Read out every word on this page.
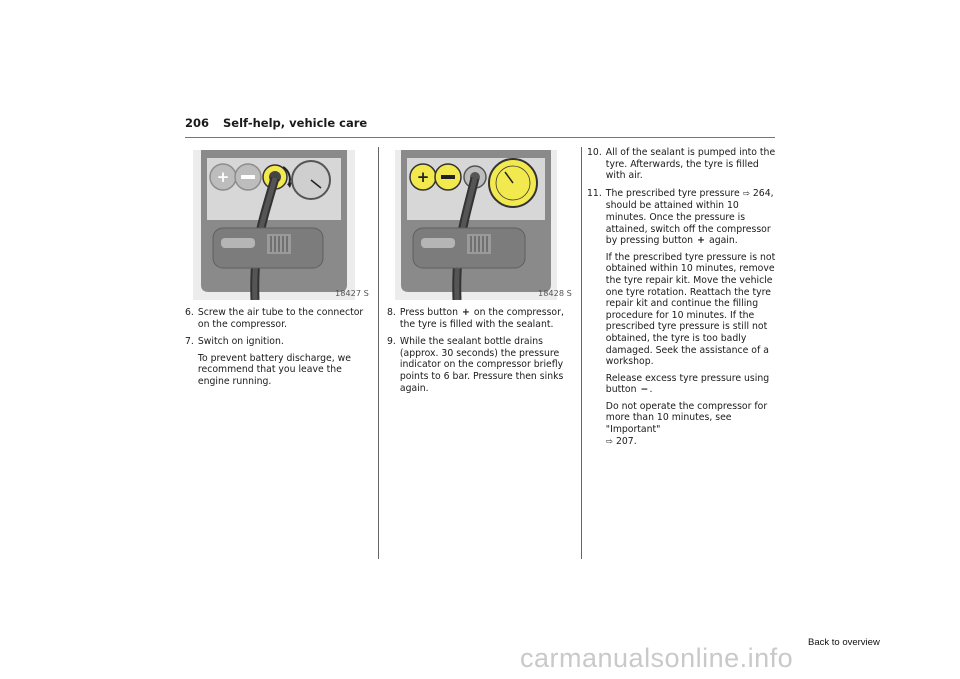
206 Self-help, vehicle care
+
18427 S
+
18428 S
6. Screw the air tube to the connector on the compressor.

7. Switch on ignition.

To prevent battery discharge, we recommend that you leave the engine running.

8. Press button + on the compressor, the tyre is filled with the sealant.

9. While the sealant bottle drains (approx. 30 seconds) the pressure indicator on the compressor briefly points to 6 bar. Pressure then sinks again.

10. All of the sealant is pumped into the tyre. Afterwards, the tyre is filled with air.

11. The prescribed tyre pressure ⇨ 264, should be attained within 10 minutes. Once the pressure is attained, switch off the compressor by pressing button + again.

If the prescribed tyre pressure is not obtained within 10 minutes, remove the tyre repair kit. Move the vehicle one tyre rotation. Reattach the tyre repair kit and continue the filling procedure for 10 minutes. If the prescribed tyre pressure is still not obtained, the tyre is too badly damaged. Seek the assistance of a workshop.

Release excess tyre pressure using button −.

Do not operate the compressor for more than 10 minutes, see "Important"
⇨ 207.

Back to overview
carmanualsonline.info
